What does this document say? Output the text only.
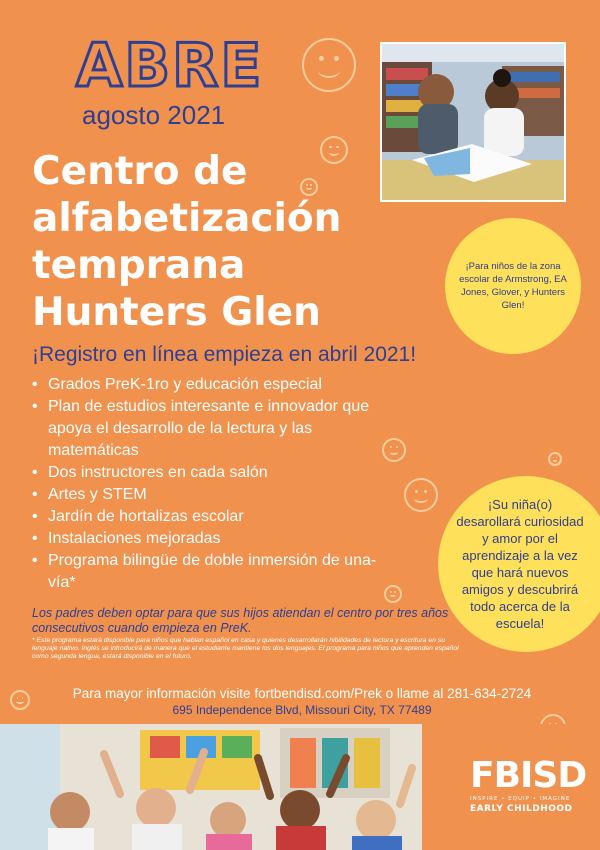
ABRE
agosto 2021
Centro de
alfabetización
temprana
Hunters Glen
¡Para niños de la zona escolar de Armstrong, EA Jones, Glover, y Hunters Glen!
¡Registro en línea empieza en abril 2021!
• Grados PreK-1ro y educación especial
• Plan de estudios interesante e innovador que apoya el desarrollo de la lectura y las matemáticas
• Dos instructores en cada salón
• Artes y STEM
• Jardín de hortalizas escolar
• Instalaciones mejoradas
• Programa bilingüe de doble inmersión de una-vía*
¡Su niña(o) desarollará curiosidad y amor por el aprendizaje a la vez que hará nuevos amigos y descubrirá todo acerca de la escuela!
Los padres deben optar para que sus hijos atiendan el centro por tres años consecutivos cuando empieza en PreK.
* Este programa estará disponible para niños que hablan español en casa y quienes desarrollarán hibilidades de lectura y escritura en su lenguaje nativo. Inglés se introducirá de manera que el estudiante mantiene los dos lenguajes. El programa para niños que aprenden español como segunda lengua, estará disponible en el futuro.
Para mayor información visite fortbendisd.com/Prek o llame al 281-634-2724
695 Independence Blvd, Missouri City, TX 77489
FBISD
INSPIRE • EQUIP • IMAGINE
EARLY CHILDHOOD
